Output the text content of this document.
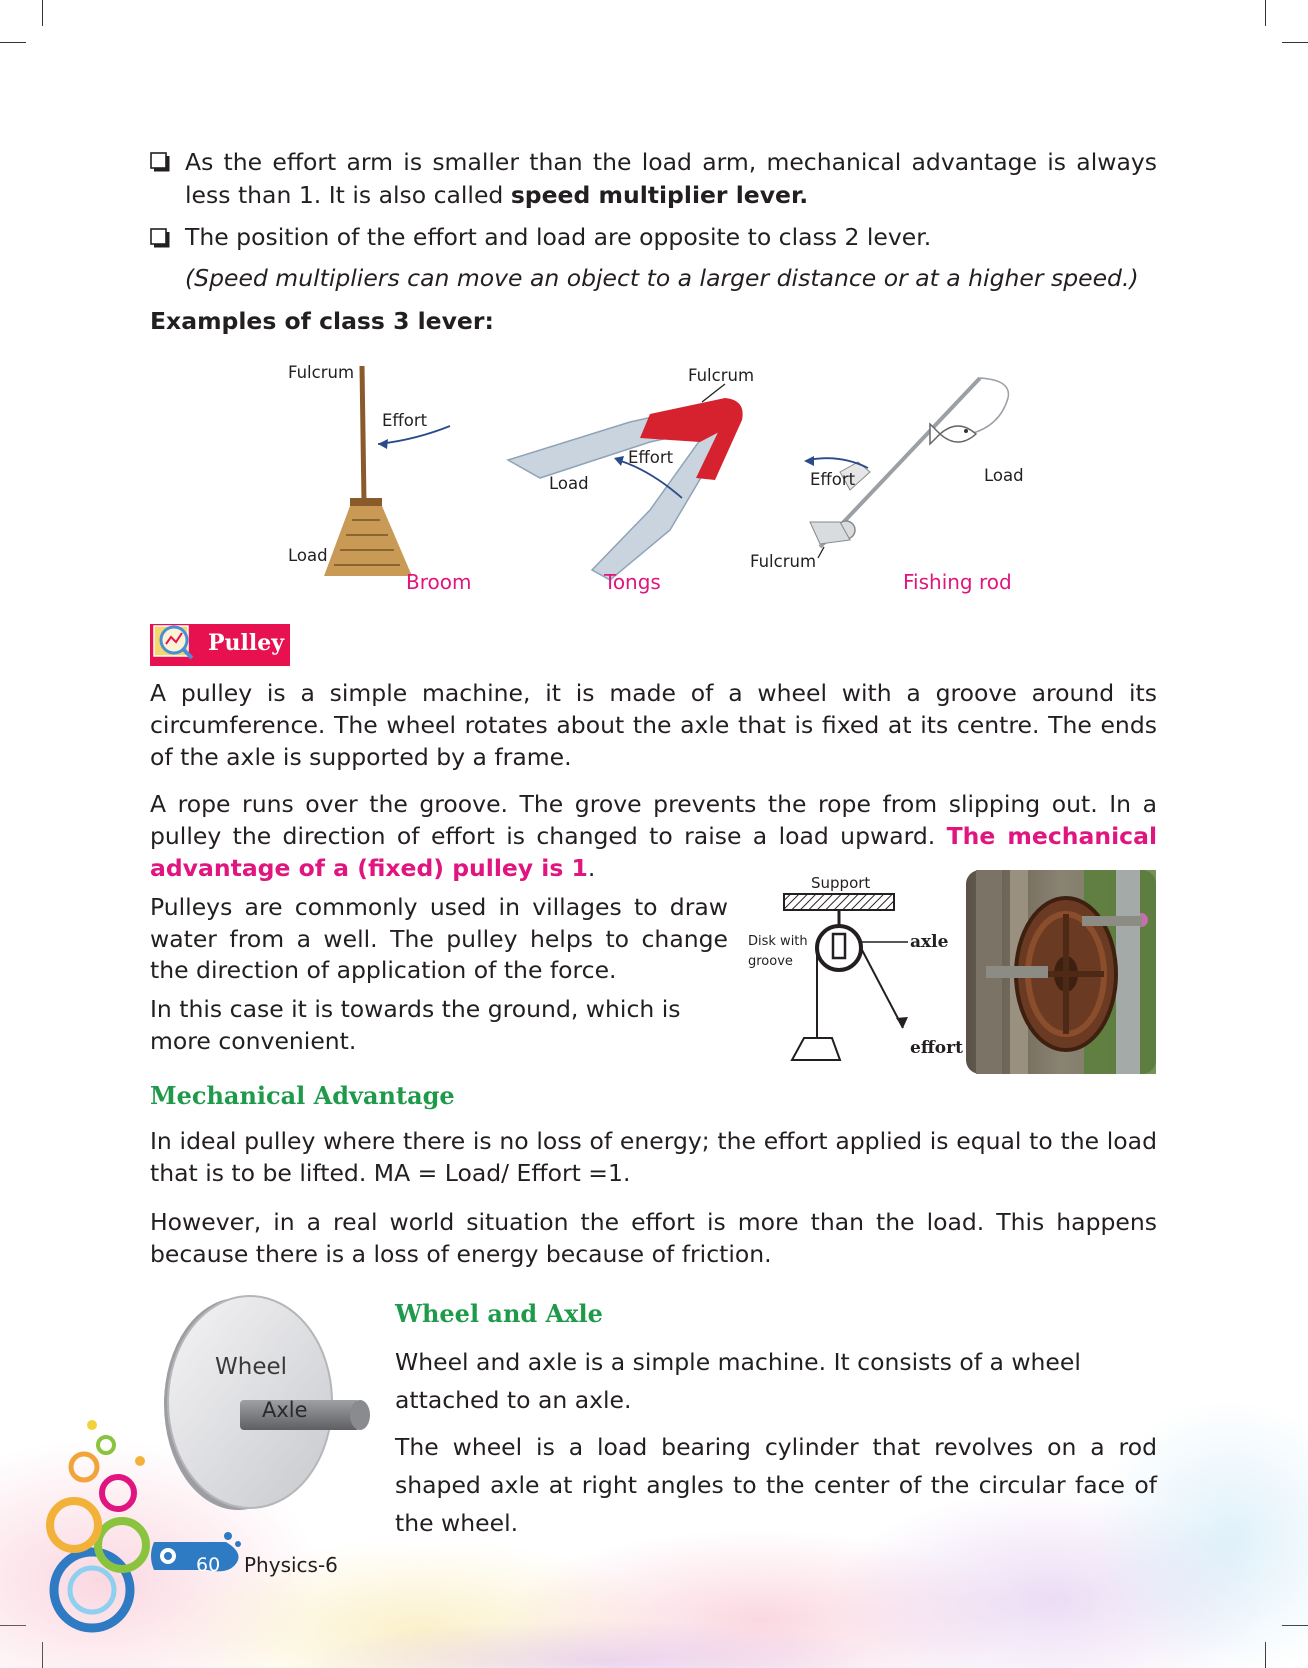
As the effort arm is smaller than the load arm, mechanical advantage is always less than 1. It is also called speed multiplier lever.

The position of the effort and load are opposite to class 2 lever.

(Speed multipliers can move an object to a larger distance or at a higher speed.)

Examples of class 3 lever:

Fulcrum
Effort
Load
Broom
Fulcrum
Effort
Load
Tongs
Fulcrum
Effort	Load
Fishing rod
Pulley

A pulley is a simple machine, it is made of a wheel with a groove around its circumference. The wheel rotates about the axle that is fixed at its centre. The ends of the axle is supported by a frame.

A rope runs over the groove. The grove prevents the rope from slipping out. In a pulley the direction of effort is changed to raise a load upward. The mechanical advantage of a (fixed) pulley is 1.

Pulleys are commonly used in villages to draw water from a well. The pulley helps to change the direction of application of the force.

In this case it is towards the ground, which is more convenient.

Support
Disk with
groove
axle
effort
Mechanical Advantage

In ideal pulley where there is no loss of energy; the effort applied is equal to the load that is to be lifted. MA = Load/ Effort =1.

However, in a real world situation the effort is more than the load. This happens because there is a loss of energy because of friction.

Wheel
Axle
Wheel and Axle

Wheel and axle is a simple machine. It consists of a wheel attached to an axle.

The wheel is a load bearing cylinder that revolves on a rod shaped axle at right angles to the center of the circular face of the wheel.

60 Physics-6
